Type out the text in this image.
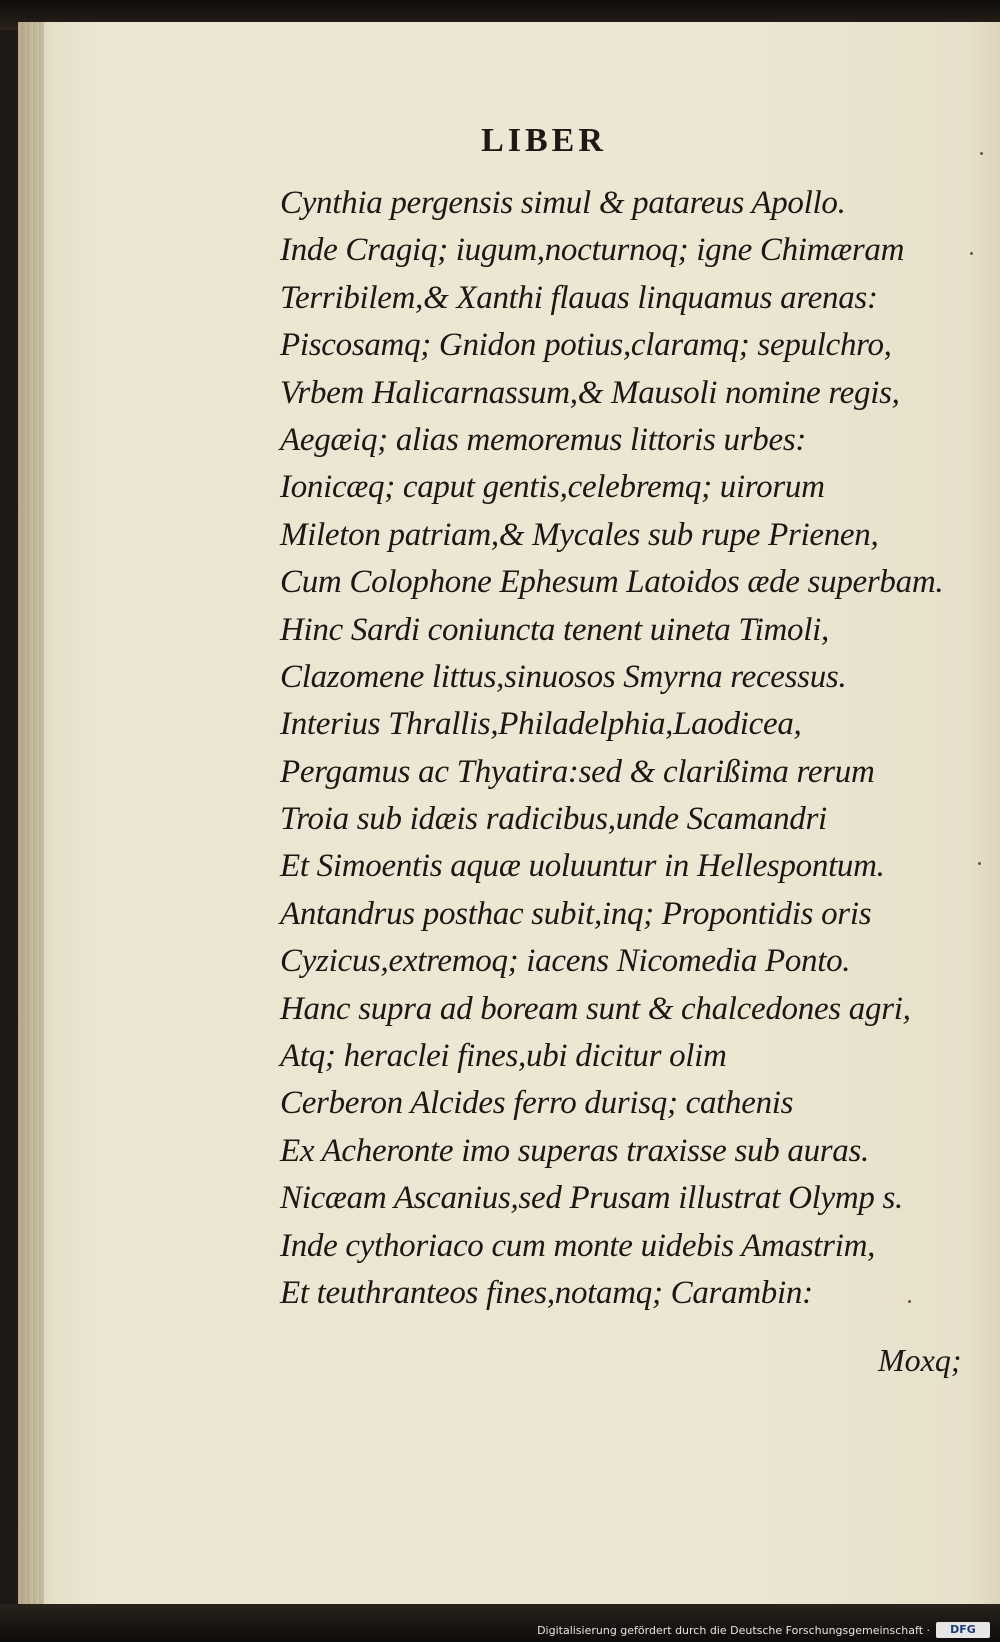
LIBER
Cynthia pergensis simul & patareus Apollo.
Inde Cragiq; iugum,nocturnoq; igne Chimæram
Terribilem,& Xanthi flauas linquamus arenas:
Piscosamq; Gnidon potius,claramq; sepulchro,
Vrbem Halicarnassum,& Mausoli nomine regis,
Aegæiq; alias memoremus littoris urbes:
Ionicæq; caput gentis,celebremq; uirorum
Mileton patriam,& Mycales sub rupe Prienen,
Cum Colophone Ephesum Latoidos æde superbam.
Hinc Sardi coniuncta tenent uineta Timoli,
Clazomene littus,sinuosos Smyrna recessus.
Interius Thrallis,Philadelphia,Laodicea,
Pergamus ac Thyatira:sed & clarißima rerum
Troia sub idæis radicibus,unde Scamandri
Et Simoentis aquæ uoluuntur in Hellespontum.
Antandrus posthac subit,inq; Propontidis oris
Cyzicus,extremoq; iacens Nicomedia Ponto.
Hanc supra ad boream sunt & chalcedones agri,
Atq; heraclei fines,ubi dicitur olim
Cerberon Alcides ferro durisq; cathenis
Ex Acheronte imo superas traxisse sub auras.
Nicæam Ascanius,sed Prusam illustrat Olymp s.
Inde cythoriaco cum monte uidebis Amastrim,
Et teuthranteos fines,notamq; Carambin:
Moxq;
Digitalisierung gefördert durch die Deutsche Forschungsgemeinschaft ·	DFG
